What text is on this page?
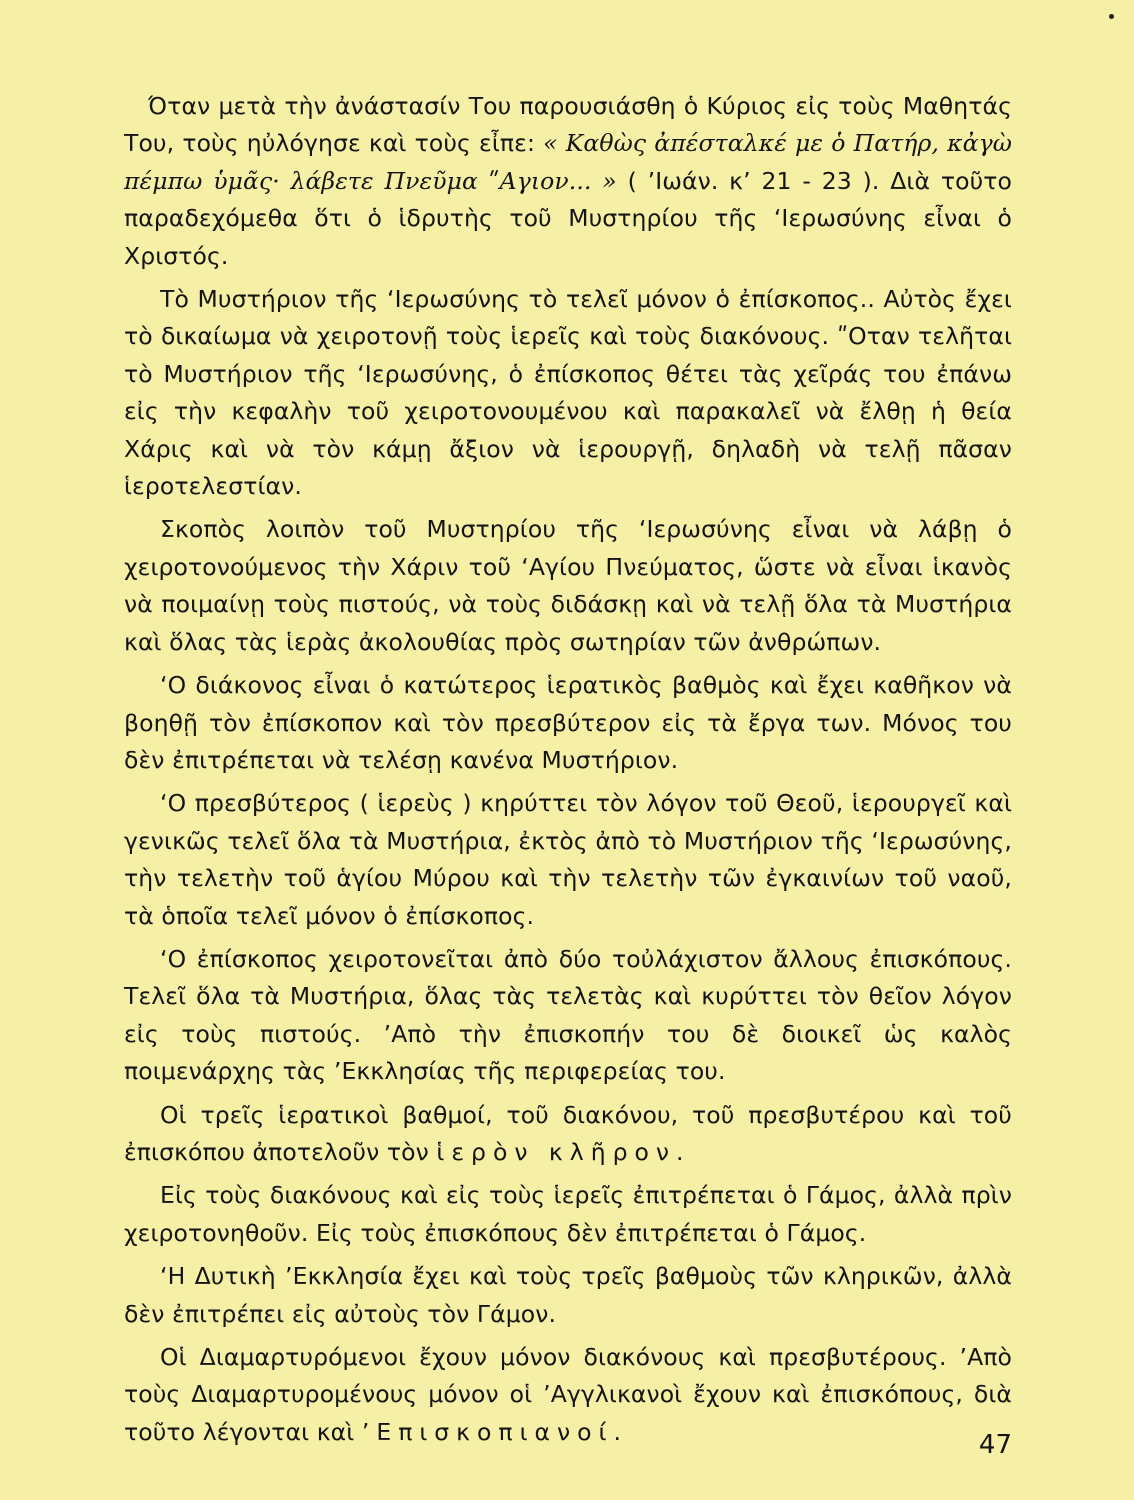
Όταν μετὰ τὴν ἀνάστασίν Του παρουσιάσθη ὁ Κύριος εἰς τοὺς Μαθητάς Του, τοὺς ηὐλόγησε καὶ τοὺς εἶπε: « Καθὼς ἀπέσταλκέ με ὁ Πατήρ, κἀγὼ πέμπω ὑμᾶς· λάβετε Πνεῦμα ʺΑγιον... » ( ’Ιωάν. κ’ 21 - 23 ). Διὰ τοῦτο παραδεχόμεθα ὅτι ὁ ἱδρυτὴς τοῦ Μυστηρίου τῆς ‘Ιερωσύνης εἶναι ὁ Χριστός.

Τὸ Μυστήριον τῆς ‘Ιερωσύνης τὸ τελεῖ μόνον ὁ ἐπίσκοπος.. Αὐτὸς ἔχει τὸ δικαίωμα νὰ χειροτονῇ τοὺς ἱερεῖς καὶ τοὺς διακόνους. ʺΟταν τελῆται τὸ Μυστήριον τῆς ‘Ιερωσύνης, ὁ ἐπίσκοπος θέτει τὰς χεῖράς του ἐπάνω εἰς τὴν κεφαλὴν τοῦ χειροτονουμένου καὶ παρακαλεῖ νὰ ἔλθῃ ἡ θεία Χάρις καὶ νὰ τὸν κάμῃ ἄξιον νὰ ἱερουργῇ, δηλαδὴ νὰ τελῇ πᾶσαν ἱεροτελεστίαν.

Σκοπὸς λοιπὸν τοῦ Μυστηρίου τῆς ‘Ιερωσύνης εἶναι νὰ λάβῃ ὁ χειροτονούμενος τὴν Χάριν τοῦ ‘Αγίου Πνεύματος, ὥστε νὰ εἶναι ἱκανὸς νὰ ποιμαίνῃ τοὺς πιστούς, νὰ τοὺς διδάσκῃ καὶ νὰ τελῇ ὅλα τὰ Μυστήρια καὶ ὅλας τὰς ἱερὰς ἀκολουθίας πρὸς σωτηρίαν τῶν ἀνθρώπων.

‘Ο διάκονος εἶναι ὁ κατώτερος ἱερατικὸς βαθμὸς καὶ ἔχει καθῆκον νὰ βοηθῇ τὸν ἐπίσκοπον καὶ τὸν πρεσβύτερον εἰς τὰ ἔργα των. Μόνος του δὲν ἐπιτρέπεται νὰ τελέσῃ κανένα Μυστήριον.

‘Ο πρεσβύτερος ( ἱερεὺς ) κηρύττει τὸν λόγον τοῦ Θεοῦ, ἱερουργεῖ καὶ γενικῶς τελεῖ ὅλα τὰ Μυστήρια, ἐκτὸς ἀπὸ τὸ Μυστήριον τῆς ‘Ιερωσύνης, τὴν τελετὴν τοῦ ἁγίου Μύρου καὶ τὴν τελετὴν τῶν ἐγκαινίων τοῦ ναοῦ, τὰ ὁποῖα τελεῖ μόνον ὁ ἐπίσκοπος.

‘Ο ἐπίσκοπος χειροτονεῖται ἀπὸ δύο τοὐλάχιστον ἄλλους ἐπισκόπους. Τελεῖ ὅλα τὰ Μυστήρια, ὅλας τὰς τελετὰς καὶ κυρύττει τὸν θεῖον λόγον εἰς τοὺς πιστούς. ’Απὸ τὴν ἐπισκοπήν του δὲ διοικεῖ ὡς καλὸς ποιμενάρχης τὰς ’Εκκλησίας τῆς περιφερείας του.

Οἱ τρεῖς ἱερατικοὶ βαθμοί, τοῦ διακόνου, τοῦ πρεσβυτέρου καὶ τοῦ ἐπισκόπου ἀποτελοῦν τὸν ἱερὸν κλῆρον.

Εἰς τοὺς διακόνους καὶ εἰς τοὺς ἱερεῖς ἐπιτρέπεται ὁ Γάμος, ἀλλὰ πρὶν χειροτονηθοῦν. Εἰς τοὺς ἐπισκόπους δὲν ἐπιτρέπεται ὁ Γάμος.

‘Η Δυτικὴ ’Εκκλησία ἔχει καὶ τοὺς τρεῖς βαθμοὺς τῶν κληρικῶν, ἀλλὰ δὲν ἐπιτρέπει εἰς αὐτοὺς τὸν Γάμον.

Οἱ Διαμαρτυρόμενοι ἔχουν μόνον διακόνους καὶ πρεσβυτέρους. ’Απὸ τοὺς Διαμαρτυρομένους μόνον οἱ ’Αγγλικανοὶ ἔχουν καὶ ἐπισκόπους, διὰ τοῦτο λέγονται καὶ ’Επισκοπιανοί.	47
